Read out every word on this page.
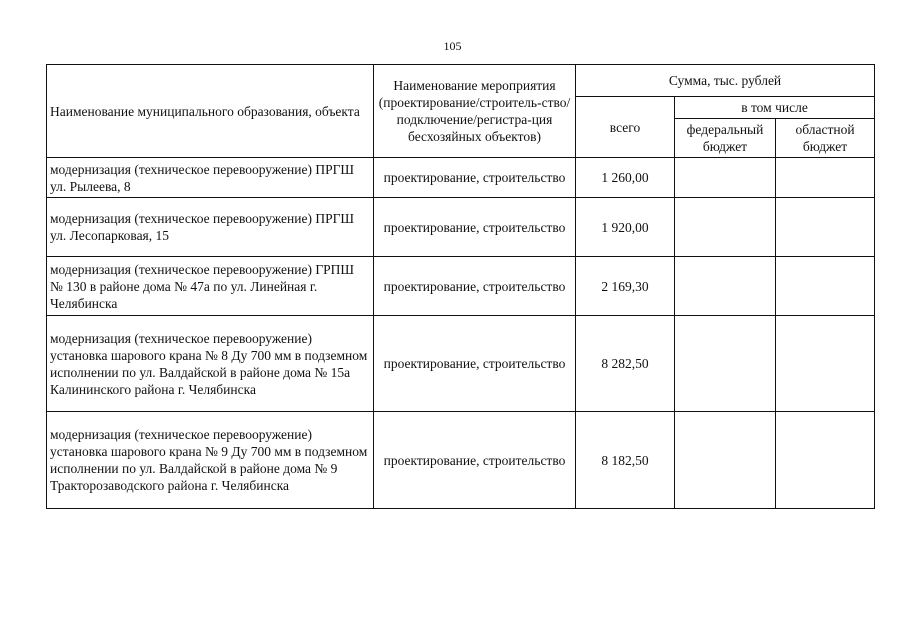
105
Наименование муниципального образования, объекта	Наименование мероприятия (проектирование/строитель-ство/подключение/регистра-ция бесхозяйных объектов)	Сумма, тыс. рублей		
		всего	в том числе	
			федеральный бюджет	областной бюджет
модернизация (техническое перевооружение) ПРГШ ул. Рылеева, 8	проектирование, строительство	1 260,00		
модернизация (техническое перевооружение) ПРГШ ул. Лесопарковая, 15	проектирование, строительство	1 920,00		
модернизация (техническое перевооружение) ГРПШ № 130 в районе дома № 47а по ул. Линейная г. Челябинска	проектирование, строительство	2 169,30		
модернизация (техническое перевооружение) установка шарового крана № 8 Ду 700 мм в подземном исполнении по ул. Валдайской в районе дома № 15а Калининского района г. Челябинска	проектирование, строительство	8 282,50		
модернизация (техническое перевооружение) установка шарового крана № 9 Ду 700 мм в подземном исполнении по ул. Валдайской в районе дома № 9 Тракторозаводского района г. Челябинска	проектирование, строительство	8 182,50		
